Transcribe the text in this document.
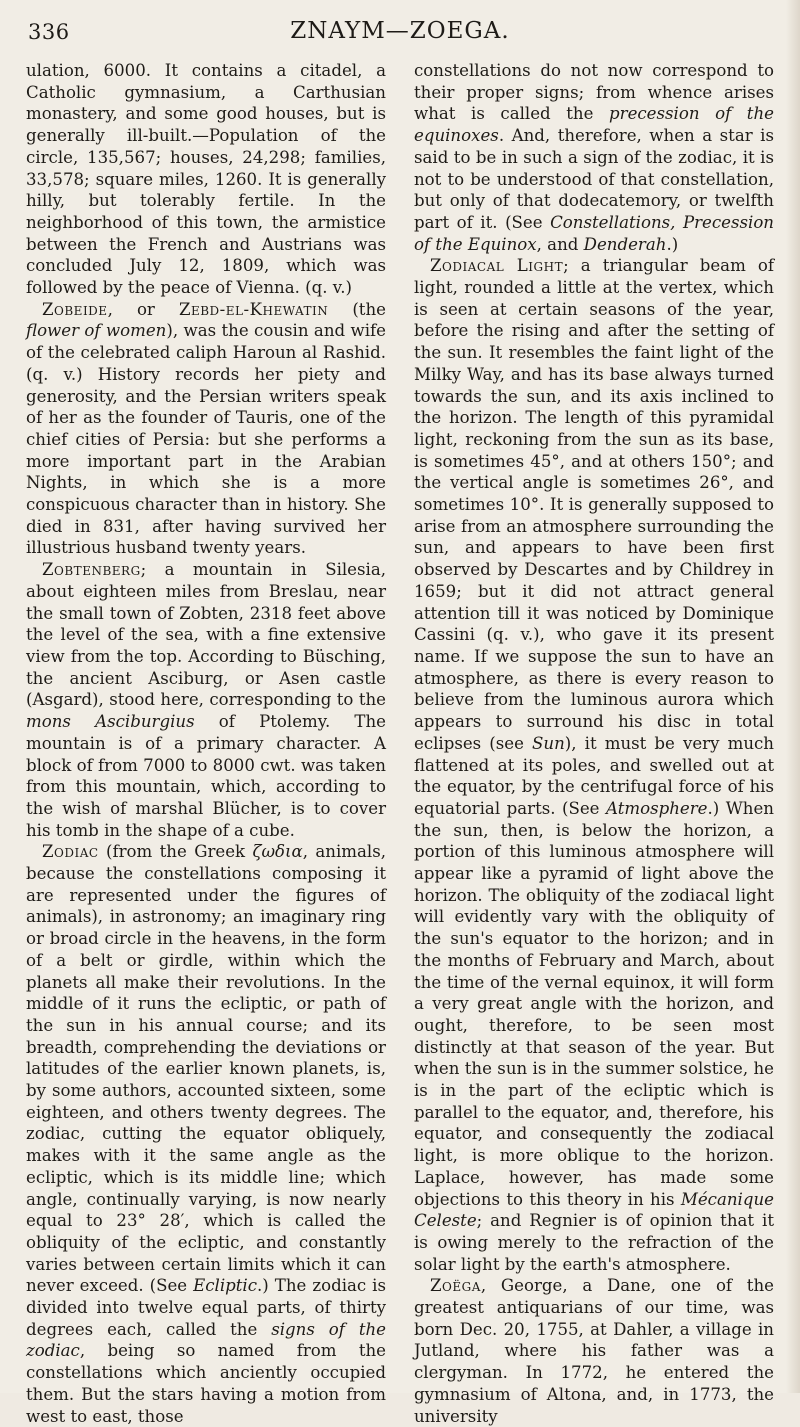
336	ZNAYM—ZOEGA.

ulation, 6000. It contains a citadel, a Catholic gymnasium, a Carthusian monastery, and some good houses, but is generally ill-built.—Population of the circle, 135,567; houses, 24,298; families, 33,578; square miles, 1260. It is generally hilly, but tolerably fertile. In the neighborhood of this town, the armistice between the French and Austrians was concluded July 12, 1809, which was followed by the peace of Vienna. (q. v.)

Zobeide, or Zebd-el-Khewatin (the flower of women), was the cousin and wife of the celebrated caliph Haroun al Rashid. (q. v.) History records her piety and generosity, and the Persian writers speak of her as the founder of Tauris, one of the chief cities of Persia: but she performs a more important part in the Arabian Nights, in which she is a more conspicuous character than in history. She died in 831, after having survived her illustrious husband twenty years.

Zobtenberg; a mountain in Silesia, about eighteen miles from Breslau, near the small town of Zobten, 2318 feet above the level of the sea, with a fine extensive view from the top. According to Büsching, the ancient Asciburg, or Asen castle (Asgard), stood here, corresponding to the mons Asciburgius of Ptolemy. The mountain is of a primary character. A block of from 7000 to 8000 cwt. was taken from this mountain, which, according to the wish of marshal Blücher, is to cover his tomb in the shape of a cube.

Zodiac (from the Greek ζωδια, animals, because the constellations composing it are represented under the figures of animals), in astronomy; an imaginary ring or broad circle in the heavens, in the form of a belt or girdle, within which the planets all make their revolutions. In the middle of it runs the ecliptic, or path of the sun in his annual course; and its breadth, comprehending the deviations or latitudes of the earlier known planets, is, by some authors, accounted sixteen, some eighteen, and others twenty degrees. The zodiac, cutting the equator obliquely, makes with it the same angle as the ecliptic, which is its middle line; which angle, continually varying, is now nearly equal to 23° 28′, which is called the obliquity of the ecliptic, and constantly varies between certain limits which it can never exceed. (See Ecliptic.) The zodiac is divided into twelve equal parts, of thirty degrees each, called the signs of the zodiac, being so named from the constellations which anciently occupied them. But the stars having a motion from west to east, those

constellations do not now correspond to their proper signs; from whence arises what is called the precession of the equinoxes. And, therefore, when a star is said to be in such a sign of the zodiac, it is not to be understood of that constellation, but only of that dodecatemory, or twelfth part of it. (See Constellations, Precession of the Equinox, and Denderah.)

Zodiacal Light; a triangular beam of light, rounded a little at the vertex, which is seen at certain seasons of the year, before the rising and after the setting of the sun. It resembles the faint light of the Milky Way, and has its base always turned towards the sun, and its axis inclined to the horizon. The length of this pyramidal light, reckoning from the sun as its base, is sometimes 45°, and at others 150°; and the vertical angle is sometimes 26°, and sometimes 10°. It is generally supposed to arise from an atmosphere surrounding the sun, and appears to have been first observed by Descartes and by Childrey in 1659; but it did not attract general attention till it was noticed by Dominique Cassini (q. v.), who gave it its present name. If we suppose the sun to have an atmosphere, as there is every reason to believe from the luminous aurora which appears to surround his disc in total eclipses (see Sun), it must be very much flattened at its poles, and swelled out at the equator, by the centrifugal force of his equatorial parts. (See Atmosphere.) When the sun, then, is below the horizon, a portion of this luminous atmosphere will appear like a pyramid of light above the horizon. The obliquity of the zodiacal light will evidently vary with the obliquity of the sun's equator to the horizon; and in the months of February and March, about the time of the vernal equinox, it will form a very great angle with the horizon, and ought, therefore, to be seen most distinctly at that season of the year. But when the sun is in the summer solstice, he is in the part of the ecliptic which is parallel to the equator, and, therefore, his equator, and consequently the zodiacal light, is more oblique to the horizon. Laplace, however, has made some objections to this theory in his Mécanique Celeste; and Regnier is of opinion that it is owing merely to the refraction of the solar light by the earth's atmosphere.

Zoëga, George, a Dane, one of the greatest antiquarians of our time, was born Dec. 20, 1755, at Dahler, a village in Jutland, where his father was a clergyman. In 1772, he entered the gymnasium of Altona, and, in 1773, the university
